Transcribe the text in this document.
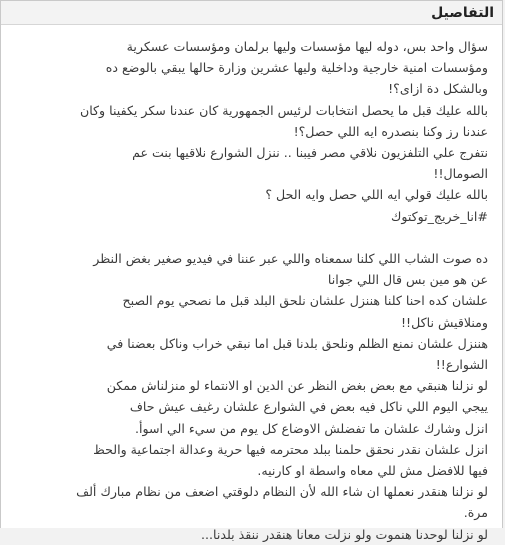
التفاصيل
سؤال واحد بس، دوله ليها مؤسسات وليها برلمان ومؤسسات عسكرية
ومؤسسات امنية خارجية وداخلية وليها عشرين وزارة حالها يبقي بالوضع ده
وبالشكل دة ازاى؟!
بالله عليك قبل ما يحصل انتخابات لرئيس الجمهورية كان عندنا سكر يكفينا وكان
عندنا رز وكنا بنصدره ايه اللي حصل؟!
نتفرج علي التلفزيون نلاقي مصر فيبنا .. ننزل الشوارع نلاقيها بنت عم
الصومال!!
بالله عليك قولي ايه اللي حصل وايه الحل ؟
#انا_خريج_توكتوك
ده صوت الشاب اللي كلنا سمعناه واللي عبر عننا في فيديو صغير بغض النظر
عن هو مين بس قال اللي جوانا
علشان كده احنا كلنا هننزل علشان نلحق البلد قبل ما نصحي يوم الصبح
ومنلاقيش ناكل!!
هننزل علشان نمنع الظلم ونلحق بلدنا قبل اما نبقي خراب وناكل بعضنا في
الشوارع!!
لو نزلنا هنبقي مع بعض بغض النظر عن الدين او الانتماء لو منزلناش ممكن
ييجي اليوم اللي ناكل فيه بعض في الشوارع علشان رغيف عيش حاف
انزل وشارك علشان ما تفضلش الاوضاع كل يوم من سيء الي اسوأ.
انزل علشان نقدر نحقق حلمنا ببلد محترمه فيها حرية وعدالة اجتماعية والحظ
فيها للافضل مش للي معاه واسطة او كارنيه.
لو نزلنا هنقدر نعملها ان شاء الله لأن النظام دلوقتي اضعف من نظام مبارك ألف
مرة.
لو نزلنا لوحدنا هنموت ولو نزلت معانا هنقدر ننقذ بلدنا...
